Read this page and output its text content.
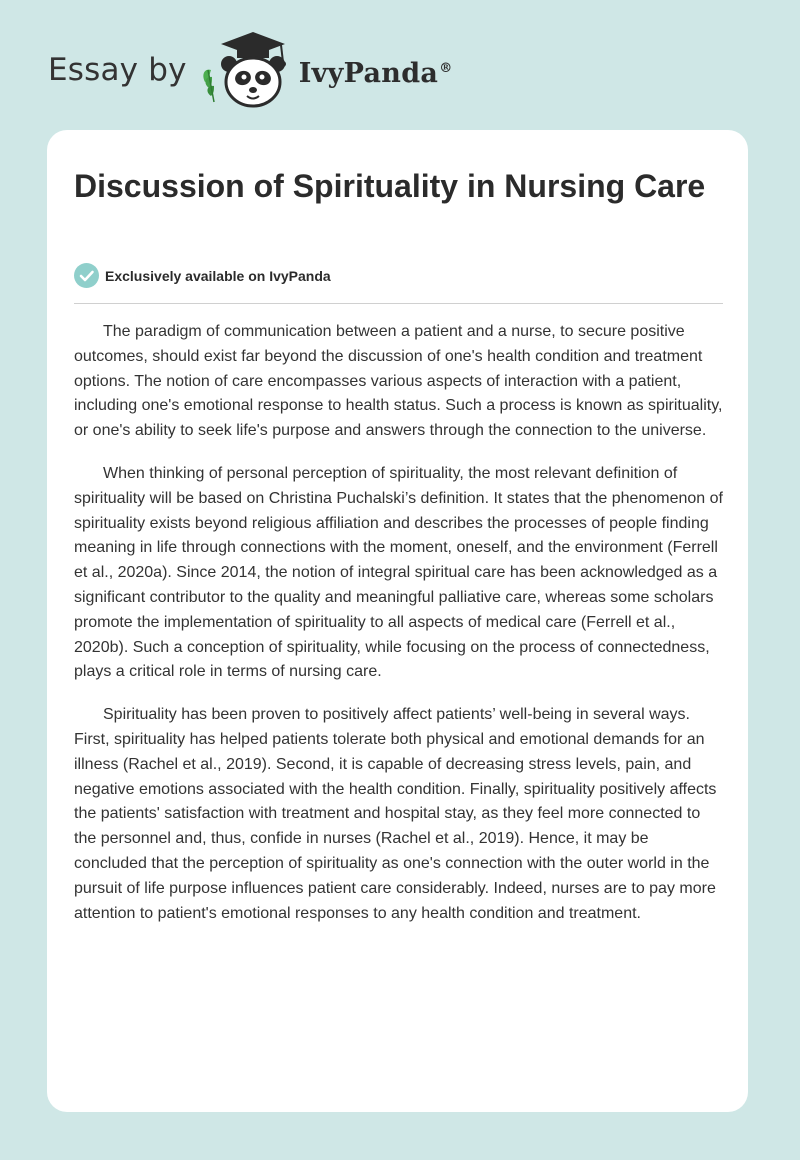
Essay by	IvyPanda®
Discussion of Spirituality in Nursing Care
Exclusively available on IvyPanda

The paradigm of communication between a patient and a nurse, to secure positive outcomes, should exist far beyond the discussion of one's health condition and treatment options. The notion of care encompasses various aspects of interaction with a patient, including one's emotional response to health status. Such a process is known as spirituality, or one's ability to seek life's purpose and answers through the connection to the universe.

When thinking of personal perception of spirituality, the most relevant definition of spirituality will be based on Christina Puchalski’s definition. It states that the phenomenon of spirituality exists beyond religious affiliation and describes the processes of people finding meaning in life through connections with the moment, oneself, and the environment (Ferrell et al., 2020a). Since 2014, the notion of integral spiritual care has been acknowledged as a significant contributor to the quality and meaningful palliative care, whereas some scholars promote the implementation of spirituality to all aspects of medical care (Ferrell et al., 2020b). Such a conception of spirituality, while focusing on the process of connectedness, plays a critical role in terms of nursing care.

Spirituality has been proven to positively affect patients’ well-being in several ways. First, spirituality has helped patients tolerate both physical and emotional demands for an illness (Rachel et al., 2019). Second, it is capable of decreasing stress levels, pain, and negative emotions associated with the health condition. Finally, spirituality positively affects the patients' satisfaction with treatment and hospital stay, as they feel more connected to the personnel and, thus, confide in nurses (Rachel et al., 2019). Hence, it may be concluded that the perception of spirituality as one's connection with the outer world in the pursuit of life purpose influences patient care considerably. Indeed, nurses are to pay more attention to patient's emotional responses to any health condition and treatment.
